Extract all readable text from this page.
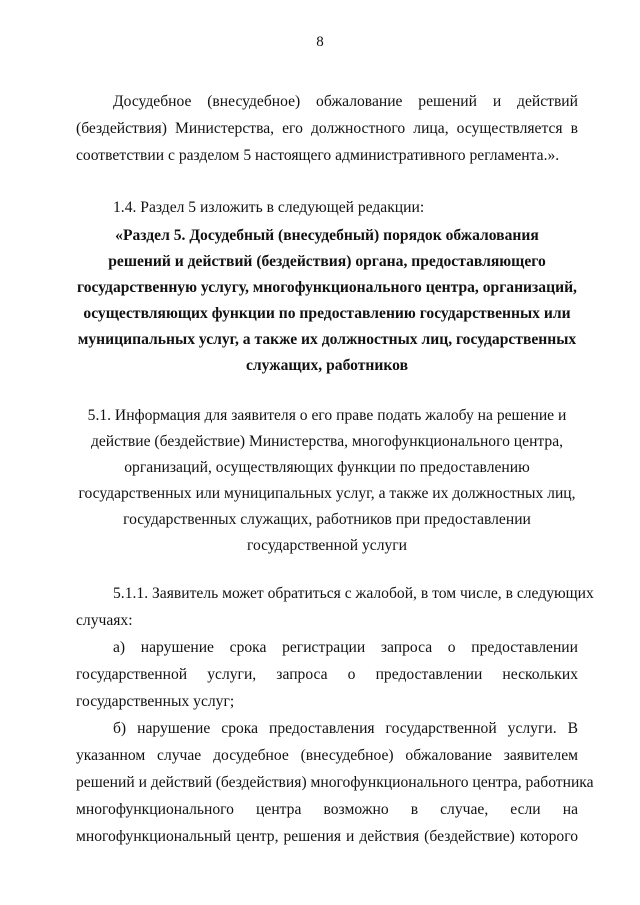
8
Досудебное (внесудебное) обжалование решений и действий
(бездействия) Министерства, его должностного лица, осуществляется в
соответствии с разделом 5 настоящего административного регламента.».
1.4. Раздел 5 изложить в следующей редакции:
«Раздел 5. Досудебный (внесудебный) порядок обжалования
решений и действий (бездействия) органа, предоставляющего
государственную услугу, многофункционального центра, организаций,
осуществляющих функции по предоставлению государственных или
муниципальных услуг, а также их должностных лиц, государственных
служащих, работников
5.1. Информация для заявителя о его праве подать жалобу на решение и
действие (бездействие) Министерства, многофункционального центра,
организаций, осуществляющих функции по предоставлению
государственных или муниципальных услуг, а также их должностных лиц,
государственных служащих, работников при предоставлении
государственной услуги
5.1.1. Заявитель может обратиться с жалобой, в том числе, в следующих
случаях:
а) нарушение срока регистрации запроса о предоставлении
государственной услуги, запроса о предоставлении нескольких
государственных услуг;
б) нарушение срока предоставления государственной услуги. В
указанном случае досудебное (внесудебное) обжалование заявителем
решений и действий (бездействия) многофункционального центра, работника
многофункционального центра возможно в случае, если на
многофункциональный центр, решения и действия (бездействие) которого
